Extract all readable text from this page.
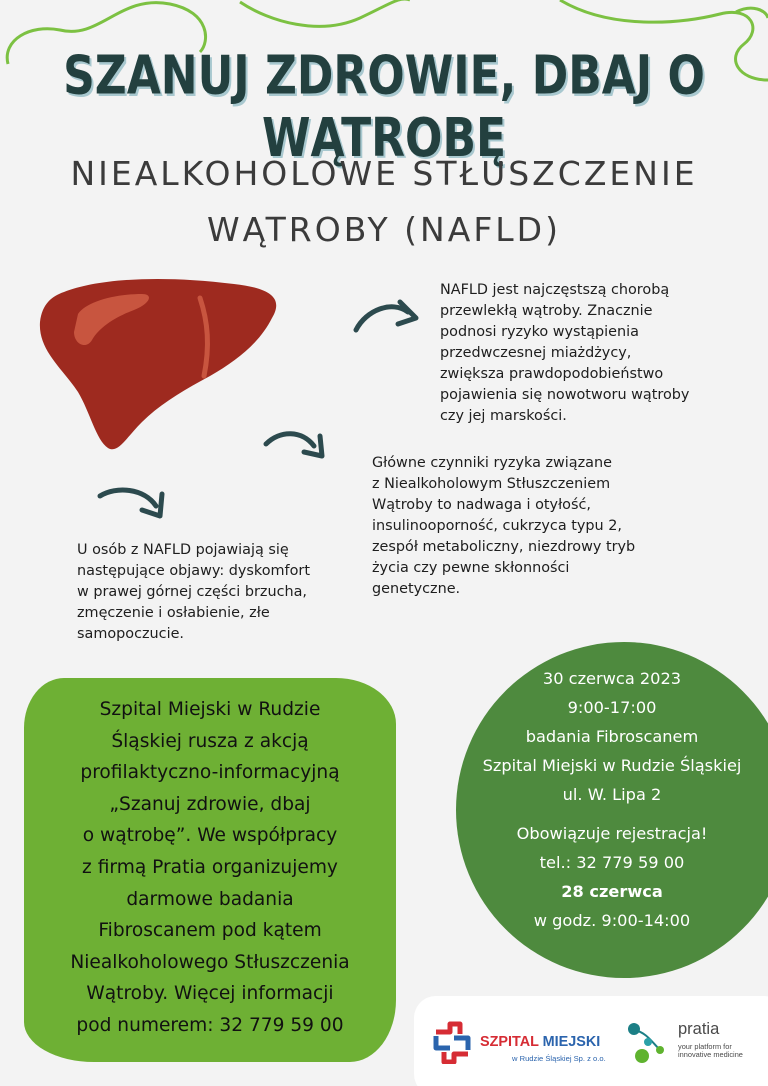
SZANUJ ZDROWIE, DBAJ O WĄTROBĘ
NIEALKOHOLOWE STŁUSZCZENIE
WĄTROBY (NAFLD)
NAFLD jest najczęstszą chorobą
przewlekłą wątroby. Znacznie
podnosi ryzyko wystąpienia
przedwczesnej miażdżycy,
zwiększa prawdopodobieństwo
pojawienia się nowotworu wątroby
czy jej marskości.
Główne czynniki ryzyka związane
z Niealkoholowym Stłuszczeniem
Wątroby to nadwaga i otyłość,
insulinooporność, cukrzyca typu 2,
zespół metaboliczny, niezdrowy tryb
życia czy pewne skłonności
genetyczne.
U osób z NAFLD pojawiają się
następujące objawy: dyskomfort
w prawej górnej części brzucha,
zmęczenie i osłabienie, złe
samopoczucie.
Szpital Miejski w Rudzie
Śląskiej rusza z akcją
profilaktyczno-informacyjną
„Szanuj zdrowie, dbaj
o wątrobę”. We współpracy
z firmą Pratia organizujemy
darmowe badania
Fibroscanem pod kątem
Niealkoholowego Stłuszczenia
Wątroby. Więcej informacji
pod numerem: 32 779 59 00
30 czerwca 2023
9:00-17:00
badania Fibroscanem
Szpital Miejski w Rudzie Śląskiej
ul. W. Lipa 2
Obowiązuje rejestracja!
tel.: 32 779 59 00
28 czerwca
w godz. 9:00-14:00
SZPITAL MIEJSKI
w Rudzie Śląskiej Sp. z o.o.
pratia
your platform for
innovative medicine
